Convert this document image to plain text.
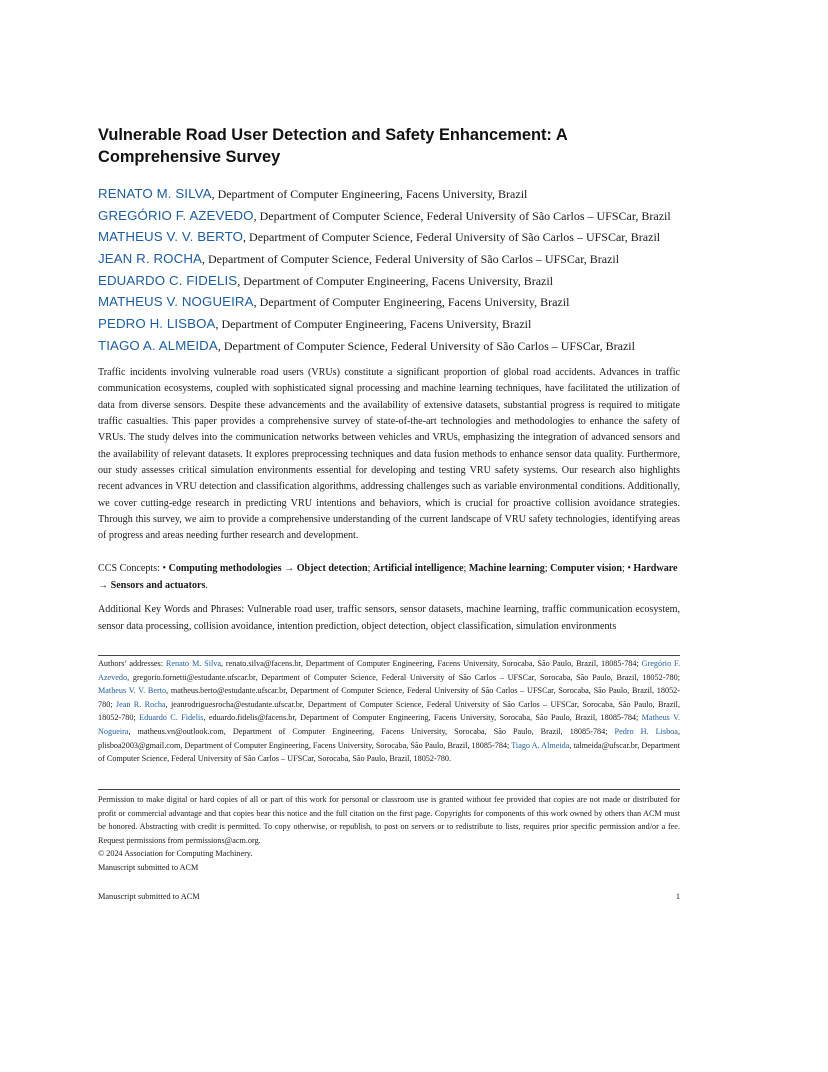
Vulnerable Road User Detection and Safety Enhancement: A Comprehensive Survey
RENATO M. SILVA, Department of Computer Engineering, Facens University, Brazil
GREGÓRIO F. AZEVEDO, Department of Computer Science, Federal University of São Carlos – UFSCar, Brazil
MATHEUS V. V. BERTO, Department of Computer Science, Federal University of São Carlos – UFSCar, Brazil
JEAN R. ROCHA, Department of Computer Science, Federal University of São Carlos – UFSCar, Brazil
EDUARDO C. FIDELIS, Department of Computer Engineering, Facens University, Brazil
MATHEUS V. NOGUEIRA, Department of Computer Engineering, Facens University, Brazil
PEDRO H. LISBOA, Department of Computer Engineering, Facens University, Brazil
TIAGO A. ALMEIDA, Department of Computer Science, Federal University of São Carlos – UFSCar, Brazil
Traffic incidents involving vulnerable road users (VRUs) constitute a significant proportion of global road accidents. Advances in traffic communication ecosystems, coupled with sophisticated signal processing and machine learning techniques, have facilitated the utilization of data from diverse sensors. Despite these advancements and the availability of extensive datasets, substantial progress is required to mitigate traffic casualties. This paper provides a comprehensive survey of state-of-the-art technologies and methodologies to enhance the safety of VRUs. The study delves into the communication networks between vehicles and VRUs, emphasizing the integration of advanced sensors and the availability of relevant datasets. It explores preprocessing techniques and data fusion methods to enhance sensor data quality. Furthermore, our study assesses critical simulation environments essential for developing and testing VRU safety systems. Our research also highlights recent advances in VRU detection and classification algorithms, addressing challenges such as variable environmental conditions. Additionally, we cover cutting-edge research in predicting VRU intentions and behaviors, which is crucial for proactive collision avoidance strategies. Through this survey, we aim to provide a comprehensive understanding of the current landscape of VRU safety technologies, identifying areas of progress and areas needing further research and development.
CCS Concepts: • Computing methodologies → Object detection; Artificial intelligence; Machine learning; Computer vision; • Hardware → Sensors and actuators.
Additional Key Words and Phrases: Vulnerable road user, traffic sensors, sensor datasets, machine learning, traffic communication ecosystem, sensor data processing, collision avoidance, intention prediction, object detection, object classification, simulation environments
Authors’ addresses: Renato M. Silva, renato.silva@facens.br, Department of Computer Engineering, Facens University, Sorocaba, São Paulo, Brazil, 18085-784; Gregório F. Azevedo, gregorio.fornetti@estudante.ufscar.br, Department of Computer Science, Federal University of São Carlos – UFSCar, Sorocaba, São Paulo, Brazil, 18052-780; Matheus V. V. Berto, matheus.berto@estudante.ufscar.br, Department of Computer Science, Federal University of São Carlos – UFSCar, Sorocaba, São Paulo, Brazil, 18052-780; Jean R. Rocha, jeanrodriguesrocha@estudante.ufscar.br, Department of Computer Science, Federal University of São Carlos – UFSCar, Sorocaba, São Paulo, Brazil, 18052-780; Eduardo C. Fidelis, eduardo.fidelis@facens.br, Department of Computer Engineering, Facens University, Sorocaba, São Paulo, Brazil, 18085-784; Matheus V. Nogueira, matheus.vn@outlook.com, Department of Computer Engineering, Facens University, Sorocaba, São Paulo, Brazil, 18085-784; Pedro H. Lisboa, plisboa2003@gmail.com, Department of Computer Engineering, Facens University, Sorocaba, São Paulo, Brazil, 18085-784; Tiago A. Almeida, talmeida@ufscar.br, Department of Computer Science, Federal University of São Carlos – UFSCar, Sorocaba, São Paulo, Brazil, 18052-780.
Permission to make digital or hard copies of all or part of this work for personal or classroom use is granted without fee provided that copies are not made or distributed for profit or commercial advantage and that copies bear this notice and the full citation on the first page. Copyrights for components of this work owned by others than ACM must be honored. Abstracting with credit is permitted. To copy otherwise, or republish, to post on servers or to redistribute to lists, requires prior specific permission and/or a fee. Request permissions from permissions@acm.org.
© 2024 Association for Computing Machinery.
Manuscript submitted to ACM
Manuscript submitted to ACM	1
